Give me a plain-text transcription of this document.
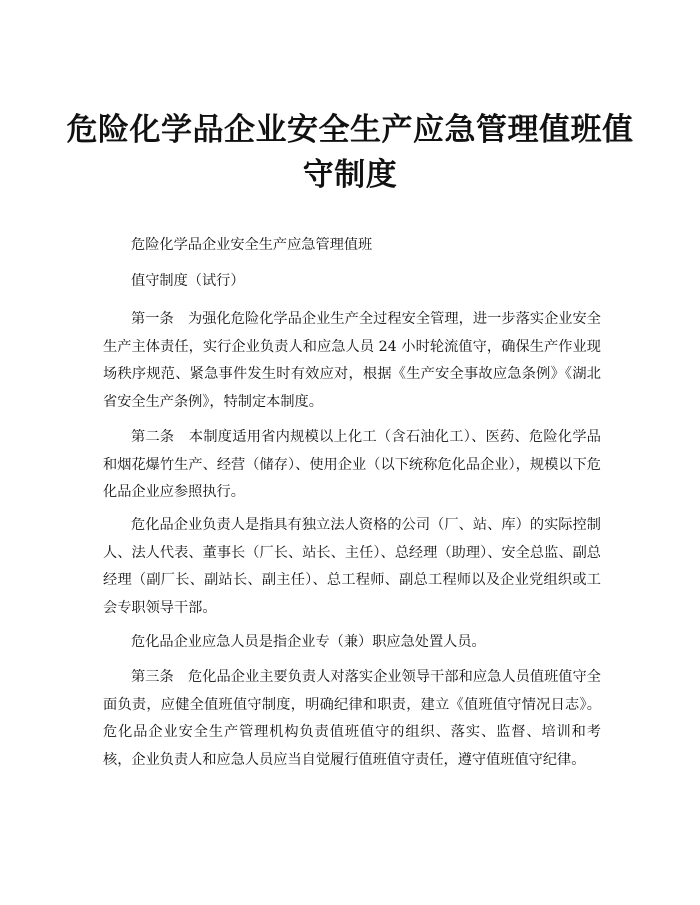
危险化学品企业安全生产应急管理值班值守制度

危险化学品企业安全生产应急管理值班

值守制度（试行）

第一条　为强化危险化学品企业生产全过程安全管理，进一步落实企业安全生产主体责任，实行企业负责人和应急人员 24 小时轮流值守，确保生产作业现场秩序规范、紧急事件发生时有效应对，根据《生产安全事故应急条例》《湖北省安全生产条例》，特制定本制度。

第二条　本制度适用省内规模以上化工（含石油化工）、医药、危险化学品和烟花爆竹生产、经营（储存）、使用企业（以下统称危化品企业），规模以下危化品企业应参照执行。

危化品企业负责人是指具有独立法人资格的公司（厂、站、库）的实际控制人、法人代表、董事长（厂长、站长、主任）、总经理（助理）、安全总监、副总经理（副厂长、副站长、副主任）、总工程师、副总工程师以及企业党组织或工会专职领导干部。

危化品企业应急人员是指企业专（兼）职应急处置人员。

第三条　危化品企业主要负责人对落实企业领导干部和应急人员值班值守全面负责，应健全值班值守制度，明确纪律和职责，建立《值班值守情况日志》。危化品企业安全生产管理机构负责值班值守的组织、落实、监督、培训和考 核，企业负责人和应急人员应当自觉履行值班值守责任，遵守值班值守纪律。
